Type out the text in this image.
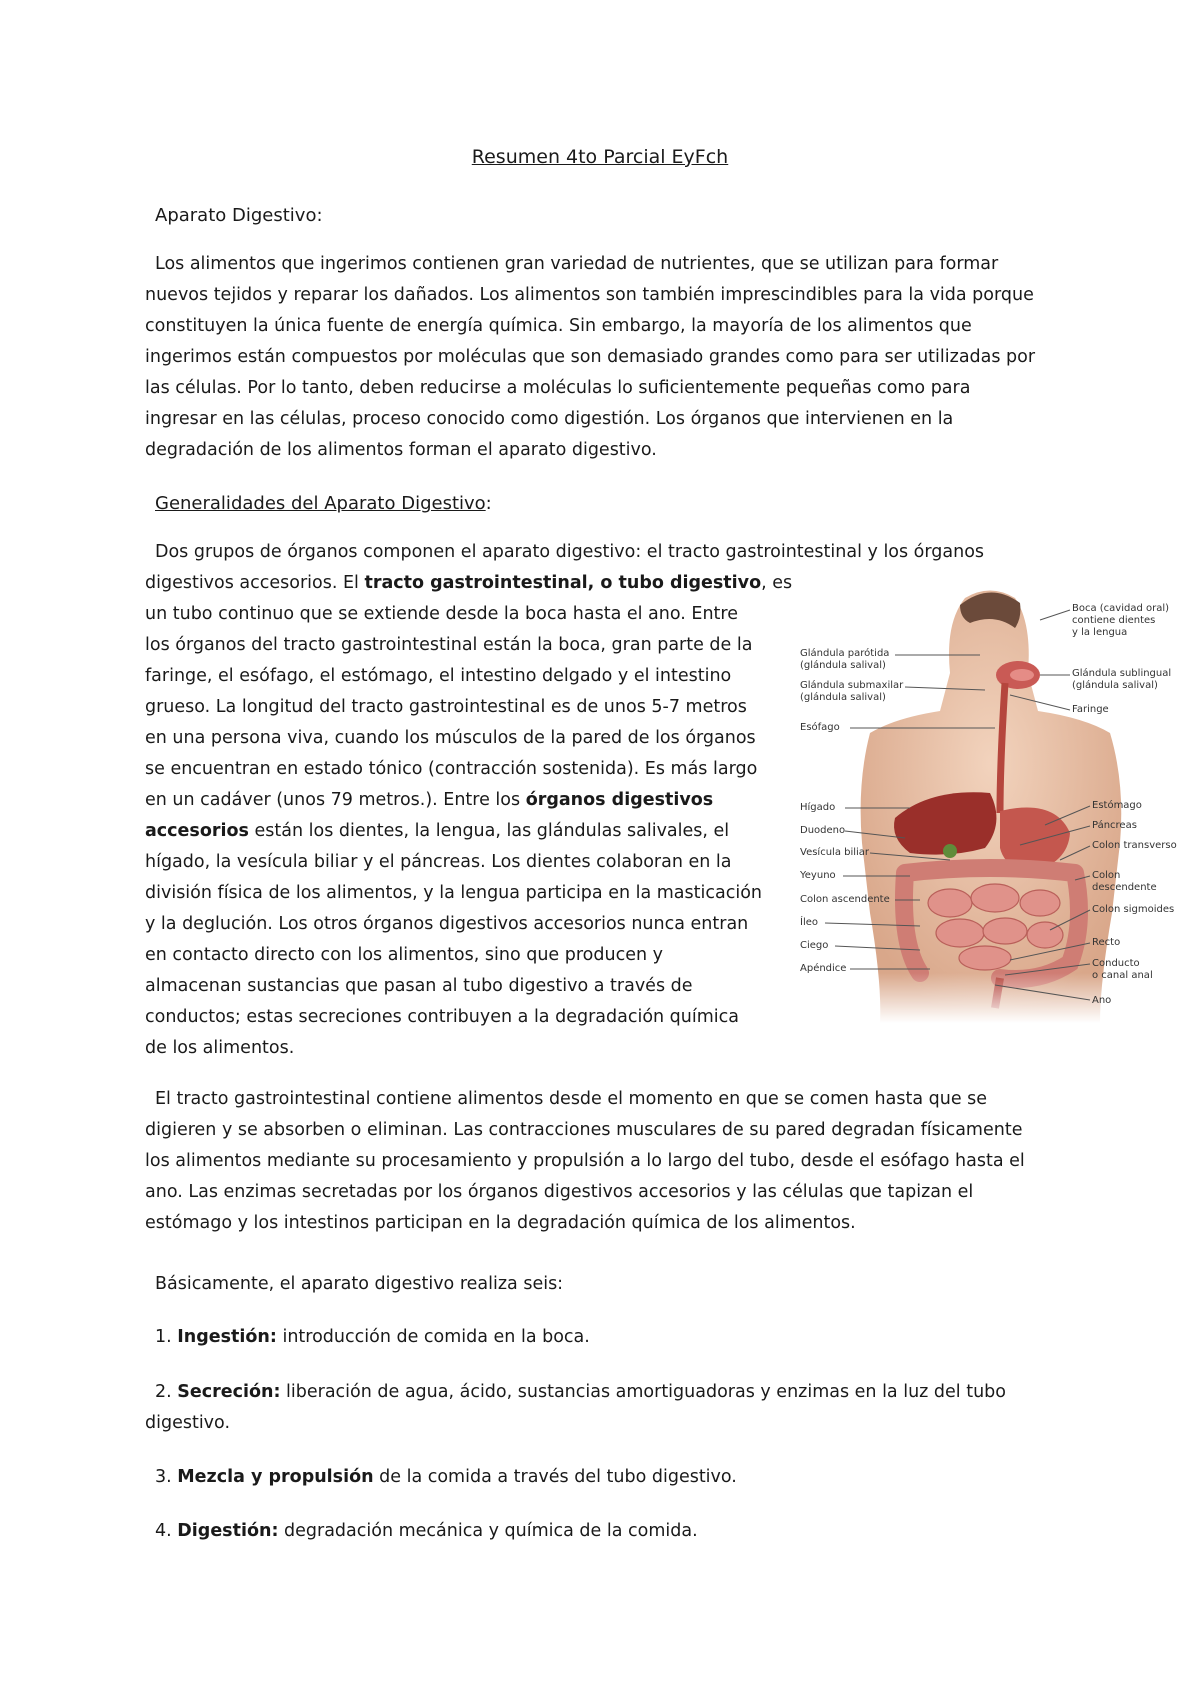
Resumen 4to Parcial EyFch
Aparato Digestivo:
Los alimentos que ingerimos contienen gran variedad de nutrientes, que se utilizan para formar
nuevos tejidos y reparar los dañados. Los alimentos son también imprescindibles para la vida porque
constituyen la única fuente de energía química. Sin embargo, la mayoría de los alimentos que
ingerimos están compuestos por moléculas que son demasiado grandes como para ser utilizadas por
las células. Por lo tanto, deben reducirse a moléculas lo suficientemente pequeñas como para
ingresar en las células, proceso conocido como digestión. Los órganos que intervienen en la
degradación de los alimentos forman el aparato digestivo.
Generalidades del Aparato Digestivo:
Dos grupos de órganos componen el aparato digestivo: el tracto gastrointestinal y los órganos
digestivos accesorios. El tracto gastrointestinal, o tubo digestivo, es
un tubo continuo que se extiende desde la boca hasta el ano. Entre
los órganos del tracto gastrointestinal están la boca, gran parte de la
faringe, el esófago, el estómago, el intestino delgado y el intestino
grueso. La longitud del tracto gastrointestinal es de unos 5-7 metros
en una persona viva, cuando los músculos de la pared de los órganos
se encuentran en estado tónico (contracción sostenida). Es más largo
en un cadáver (unos 79 metros.). Entre los órganos digestivos
accesorios están los dientes, la lengua, las glándulas salivales, el
hígado, la vesícula biliar y el páncreas. Los dientes colaboran en la
división física de los alimentos, y la lengua participa en la masticación
y la deglución. Los otros órganos digestivos accesorios nunca entran
en contacto directo con los alimentos, sino que producen y
almacenan sustancias que pasan al tubo digestivo a través de
conductos; estas secreciones contribuyen a la degradación química
de los alimentos.
Glándula parótida
(glándula salival)
Glándula submaxilar
(glándula salival)
Esófago
Hígado
Duodeno
Vesícula biliar
Yeyuno
Colon ascendente
Íleo
Ciego
Apéndice
Boca (cavidad oral)
contiene dientes
y la lengua
Glándula sublingual
(glándula salival)
Faringe
Estómago
Páncreas
Colon transverso
Colon
descendente
Colon sigmoides
Recto
Conducto
o canal anal
Ano
El tracto gastrointestinal contiene alimentos desde el momento en que se comen hasta que se
digieren y se absorben o eliminan. Las contracciones musculares de su pared degradan físicamente
los alimentos mediante su procesamiento y propulsión a lo largo del tubo, desde el esófago hasta el
ano. Las enzimas secretadas por los órganos digestivos accesorios y las células que tapizan el
estómago y los intestinos participan en la degradación química de los alimentos.
Básicamente, el aparato digestivo realiza seis:
1. Ingestión: introducción de comida en la boca.
2. Secreción: liberación de agua, ácido, sustancias amortiguadoras y enzimas en la luz del tubo
digestivo.
3. Mezcla y propulsión de la comida a través del tubo digestivo.
4. Digestión: degradación mecánica y química de la comida.
